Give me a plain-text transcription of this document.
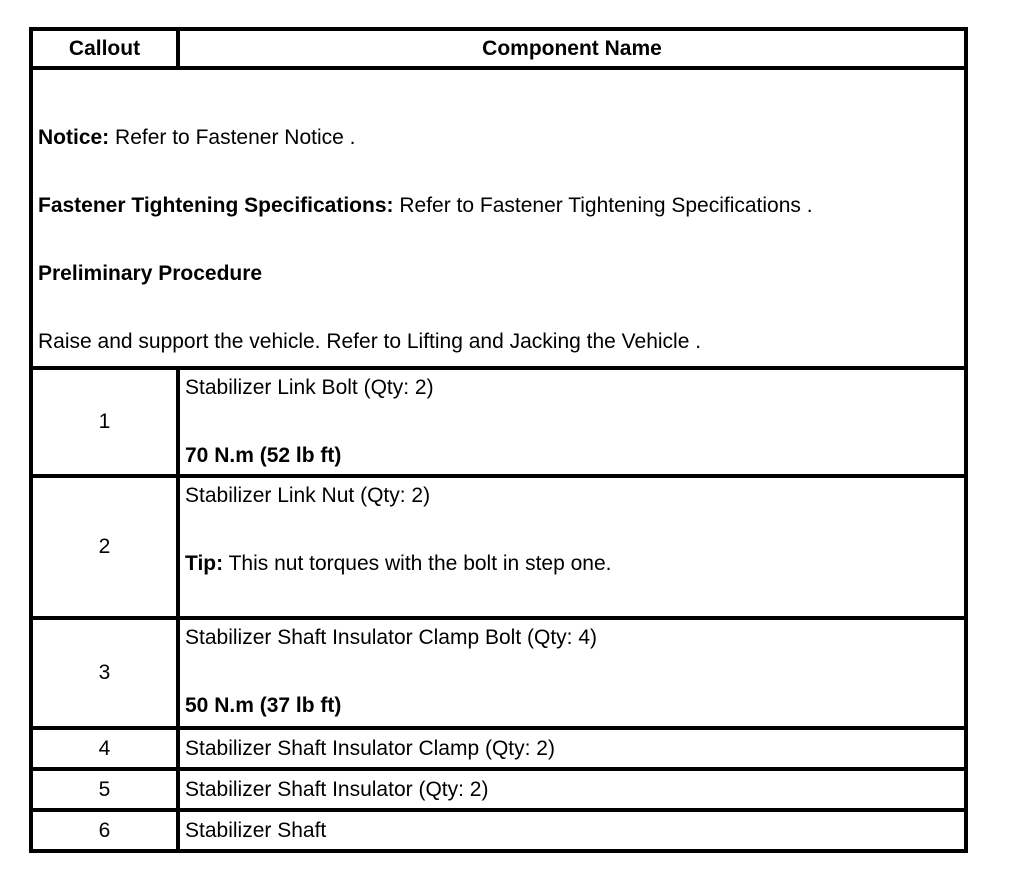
Callout	Component Name

Notice: Refer to Fastener Notice .

Fastener Tightening Specifications: Refer to Fastener Tightening Specifications .

Preliminary Procedure

Raise and support the vehicle. Refer to Lifting and Jacking the Vehicle .	

1	Stabilizer Link Bolt (Qty: 2)

70 N.m (52 lb ft)

2	Stabilizer Link Nut (Qty: 2)

Tip: This nut torques with the bolt in step one.

3	Stabilizer Shaft Insulator Clamp Bolt (Qty: 4)

50 N.m (37 lb ft)

4	Stabilizer Shaft Insulator Clamp (Qty: 2)
5	Stabilizer Shaft Insulator (Qty: 2)
6	Stabilizer Shaft
